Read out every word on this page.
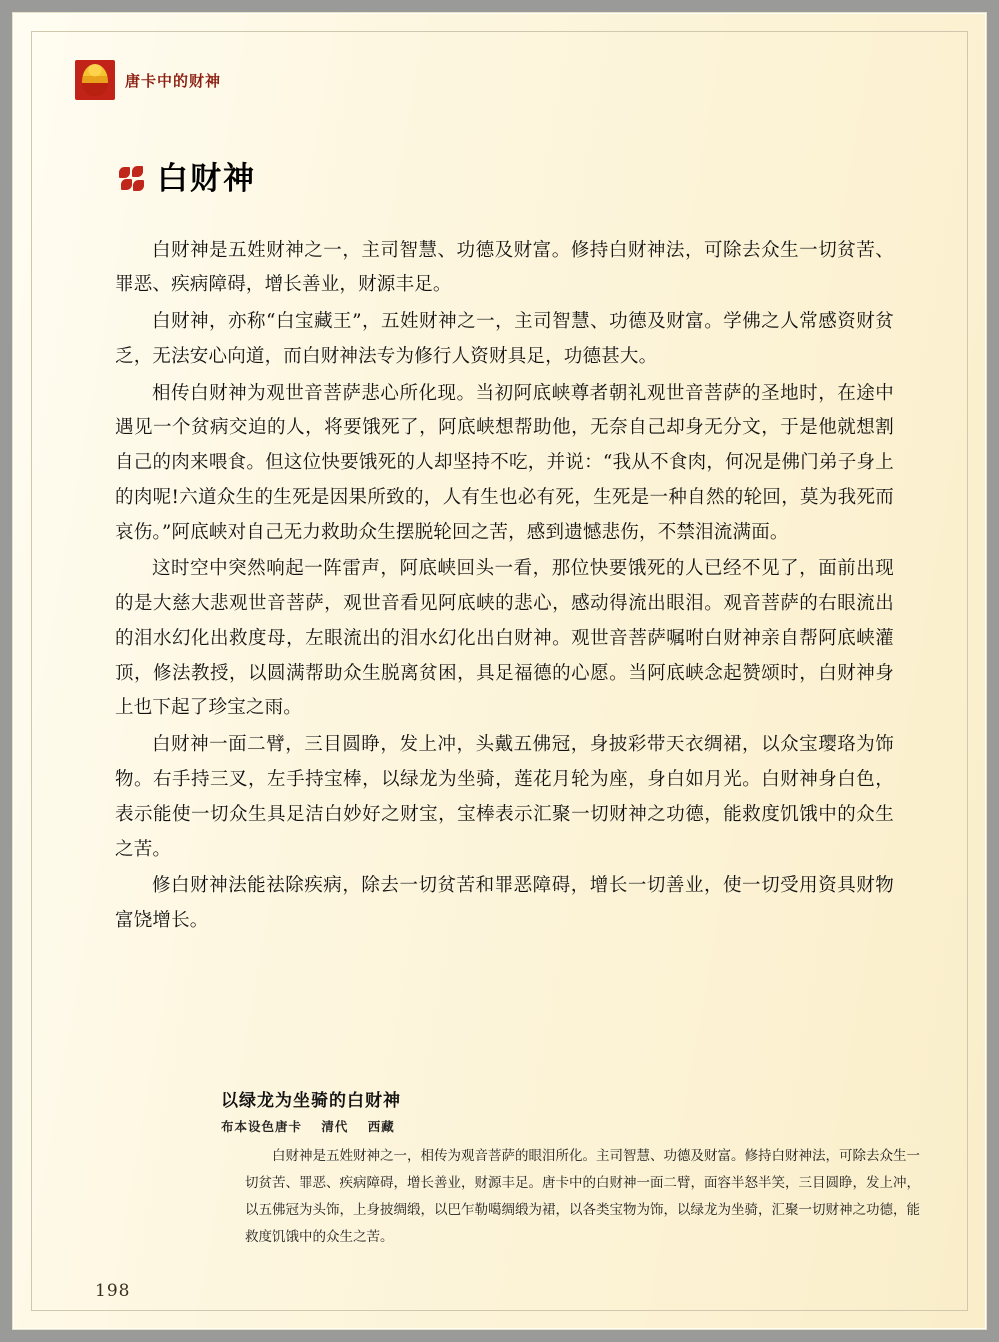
唐卡中的财神
白财神

白财神是五姓财神之一，主司智慧、功德及财富。修持白财神法，可除去众生一切贫苦、罪恶、疾病障碍，增长善业，财源丰足。

白财神，亦称“白宝藏王”，五姓财神之一，主司智慧、功德及财富。学佛之人常感资财贫乏，无法安心向道，而白财神法专为修行人资财具足，功德甚大。

相传白财神为观世音菩萨悲心所化现。当初阿底峡尊者朝礼观世音菩萨的圣地时，在途中遇见一个贫病交迫的人，将要饿死了，阿底峡想帮助他，无奈自己却身无分文，于是他就想割自己的肉来喂食。但这位快要饿死的人却坚持不吃，并说：“我从不食肉，何况是佛门弟子身上的肉呢!六道众生的生死是因果所致的，人有生也必有死，生死是一种自然的轮回，莫为我死而哀伤。”阿底峡对自己无力救助众生摆脱轮回之苦，感到遗憾悲伤，不禁泪流满面。

这时空中突然响起一阵雷声，阿底峡回头一看，那位快要饿死的人已经不见了，面前出现的是大慈大悲观世音菩萨，观世音看见阿底峡的悲心，感动得流出眼泪。观音菩萨的右眼流出的泪水幻化出救度母，左眼流出的泪水幻化出白财神。观世音菩萨嘱咐白财神亲自帮阿底峡灌顶，修法教授，以圆满帮助众生脱离贫困，具足福德的心愿。当阿底峡念起赞颂时，白财神身上也下起了珍宝之雨。

白财神一面二臂，三目圆睁，发上冲，头戴五佛冠，身披彩带天衣绸裙，以众宝璎珞为饰物。右手持三叉，左手持宝棒，以绿龙为坐骑，莲花月轮为座，身白如月光。白财神身白色，表示能使一切众生具足洁白妙好之财宝，宝棒表示汇聚一切财神之功德，能救度饥饿中的众生之苦。

修白财神法能祛除疾病，除去一切贫苦和罪恶障碍，增长一切善业，使一切受用资具财物富饶增长。

以绿龙为坐骑的白财神
布本设色唐卡 清代 西藏
白财神是五姓财神之一，相传为观音菩萨的眼泪所化。主司智慧、功德及财富。修持白财神法，可除去众生一切贫苦、罪恶、疾病障碍，增长善业，财源丰足。唐卡中的白财神一面二臂，面容半怒半笑，三目圆睁，发上冲，以五佛冠为头饰，上身披绸缎，以巴乍勒噶绸缎为裙，以各类宝物为饰，以绿龙为坐骑，汇聚一切财神之功德，能救度饥饿中的众生之苦。
198
